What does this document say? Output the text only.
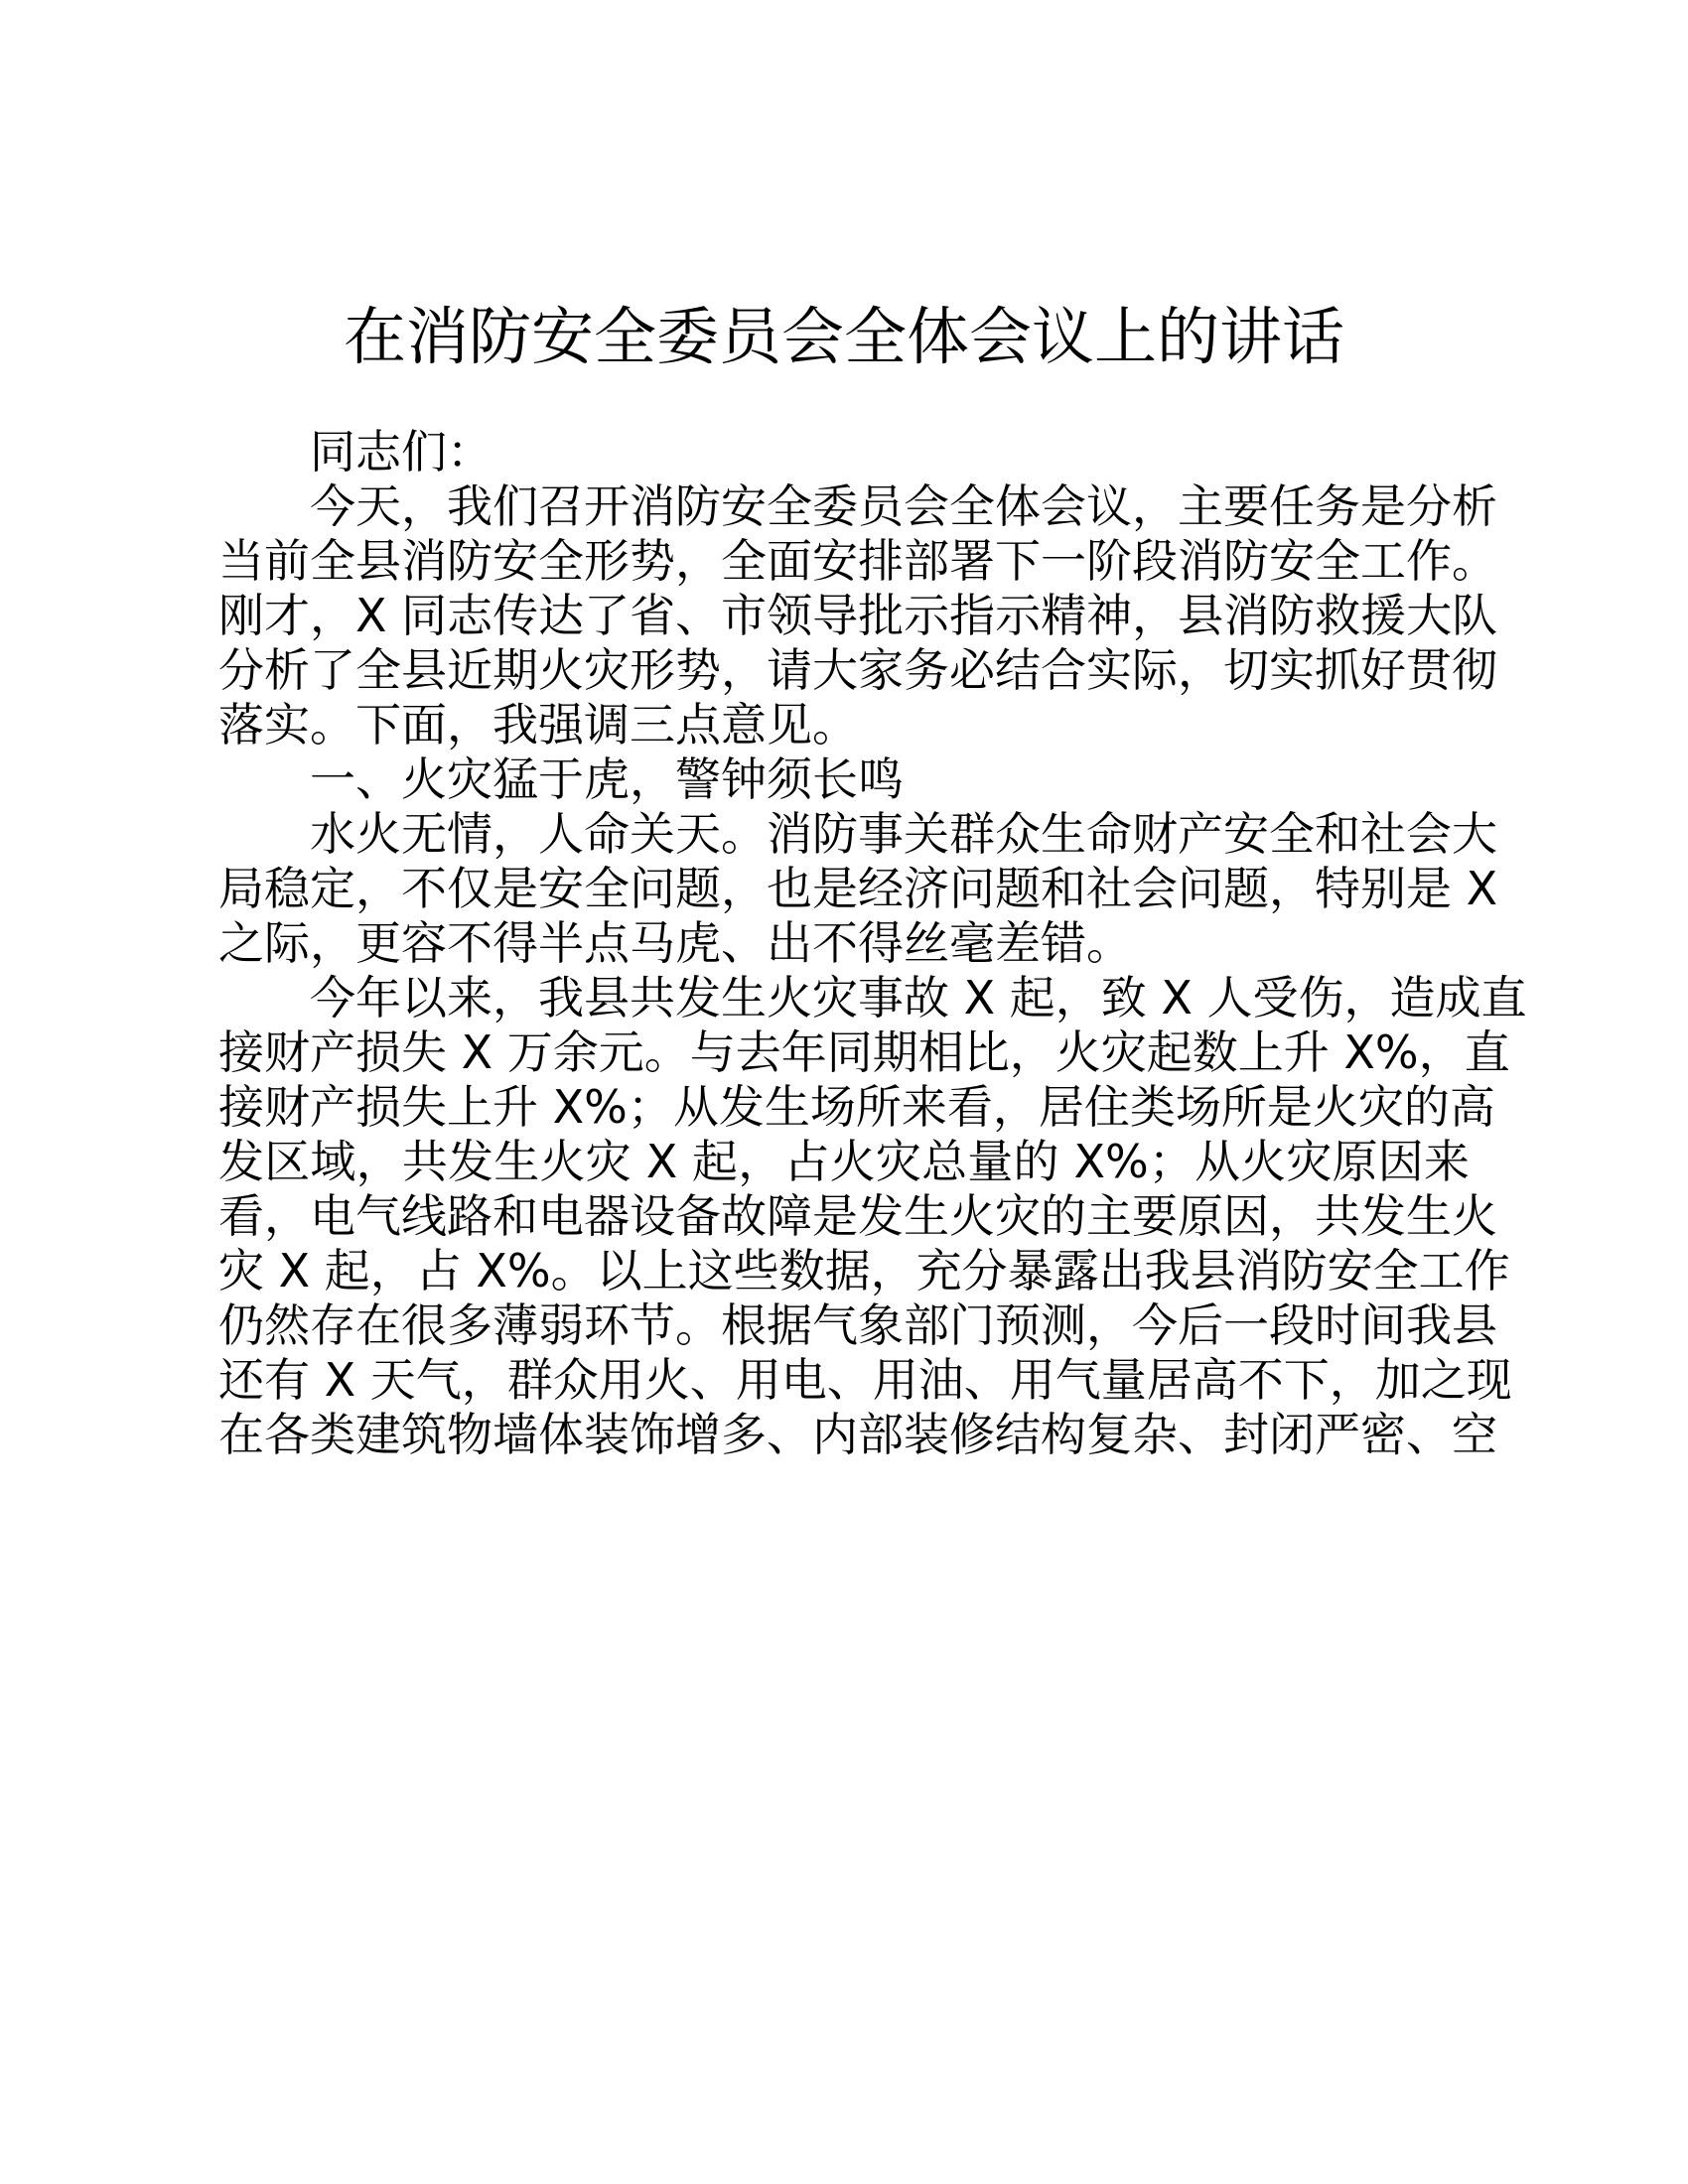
在消防安全委员会全体会议上的讲话
同志们：
今天，我们召开消防安全委员会全体会议，主要任务是分析
当前全县消防安全形势，全面安排部署下一阶段消防安全工作。
刚才，X 同志传达了省、市领导批示指示精神，县消防救援大队
分析了全县近期火灾形势，请大家务必结合实际，切实抓好贯彻
落实。下面，我强调三点意见。
一、火灾猛于虎，警钟须长鸣
水火无情，人命关天。消防事关群众生命财产安全和社会大
局稳定，不仅是安全问题，也是经济问题和社会问题，特别是 X
之际，更容不得半点马虎、出不得丝毫差错。
今年以来，我县共发生火灾事故 X 起，致 X 人受伤，造成直
接财产损失 X 万余元。与去年同期相比，火灾起数上升 X%，直
接财产损失上升 X%；从发生场所来看，居住类场所是火灾的高
发区域，共发生火灾 X 起，占火灾总量的 X%；从火灾原因来
看，电气线路和电器设备故障是发生火灾的主要原因，共发生火
灾 X 起，占 X%。以上这些数据，充分暴露出我县消防安全工作
仍然存在很多薄弱环节。根据气象部门预测，今后一段时间我县
还有 X 天气，群众用火、用电、用油、用气量居高不下，加之现
在各类建筑物墙体装饰增多、内部装修结构复杂、封闭严密、空
